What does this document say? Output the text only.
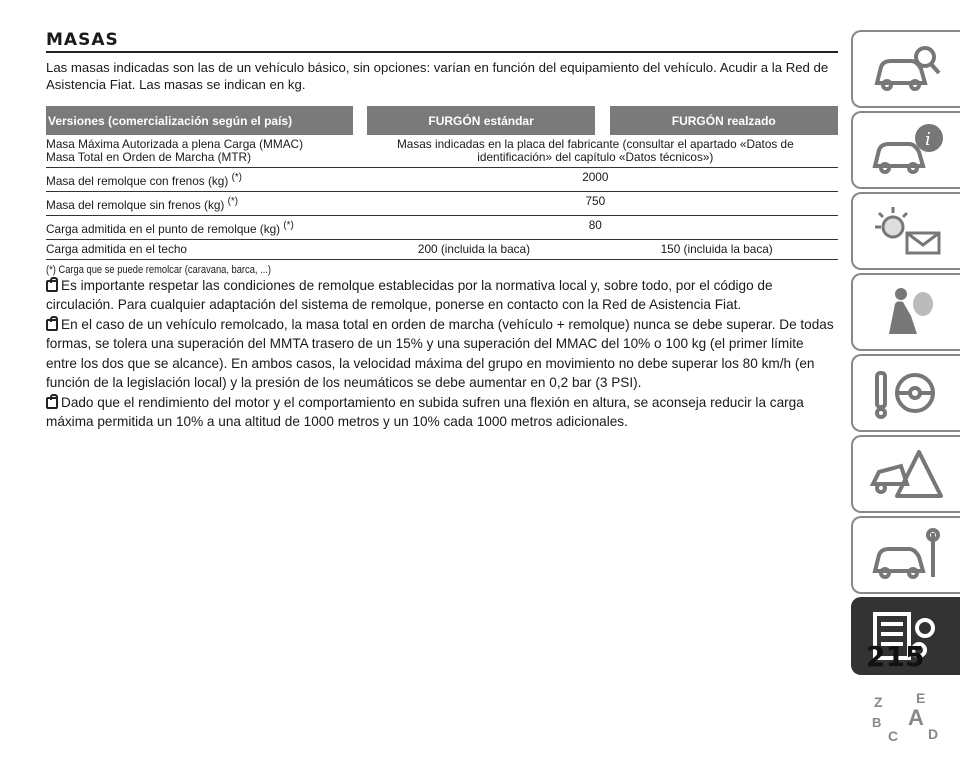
MASAS
Las masas indicadas son las de un vehículo básico, sin opciones: varían en función del equipamiento del vehículo. Acudir a la Red de Asistencia Fiat. Las masas se indican en kg.
Versiones (comercialización según el país)		FURGÓN estándar		FURGÓN realzado
Masa Máxima Autorizada a plena Carga (MMAC)
Masa Total en Orden de Marcha (MTR)	Masas indicadas en la placa del fabricante (consultar el apartado «Datos de identificación» del capítulo «Datos técnicos»)			
Masa del remolque con frenos (kg) (*)	2000			
Masa del remolque sin frenos (kg) (*)	750			
Carga admitida en el punto de remolque (kg) (*)	80			
Carga admitida en el techo	200 (incluida la baca)		150 (incluida la baca)	
(*) Carga que se puede remolcar (caravana, barca, ...)
Es importante respetar las condiciones de remolque establecidas por la normativa local y, sobre todo, por el código de circulación. Para cualquier adaptación del sistema de remolque, ponerse en contacto con la Red de Asistencia Fiat.
En el caso de un vehículo remolcado, la masa total en orden de marcha (vehículo + remolque) nunca se debe superar. De todas formas, se tolera una superación del MMTA trasero de un 15% y una superación del MMAC del 10% o 100 kg (el primer límite entre los dos que se alcance). En ambos casos, la velocidad máxima del grupo en movimiento no debe superar los 80 km/h (en función de la legislación local) y la presión de los neumáticos se debe aumentar en 0,2 bar (3 PSI).
Dado que el rendimiento del motor y el comportamiento en subida sufren una flexión en altura, se aconseja reducir la carga máxima permitida un 10% a una altitud de 1000 metros y un 10% cada 1000 metros adicionales.
i
Z E
A
B
C D
215
